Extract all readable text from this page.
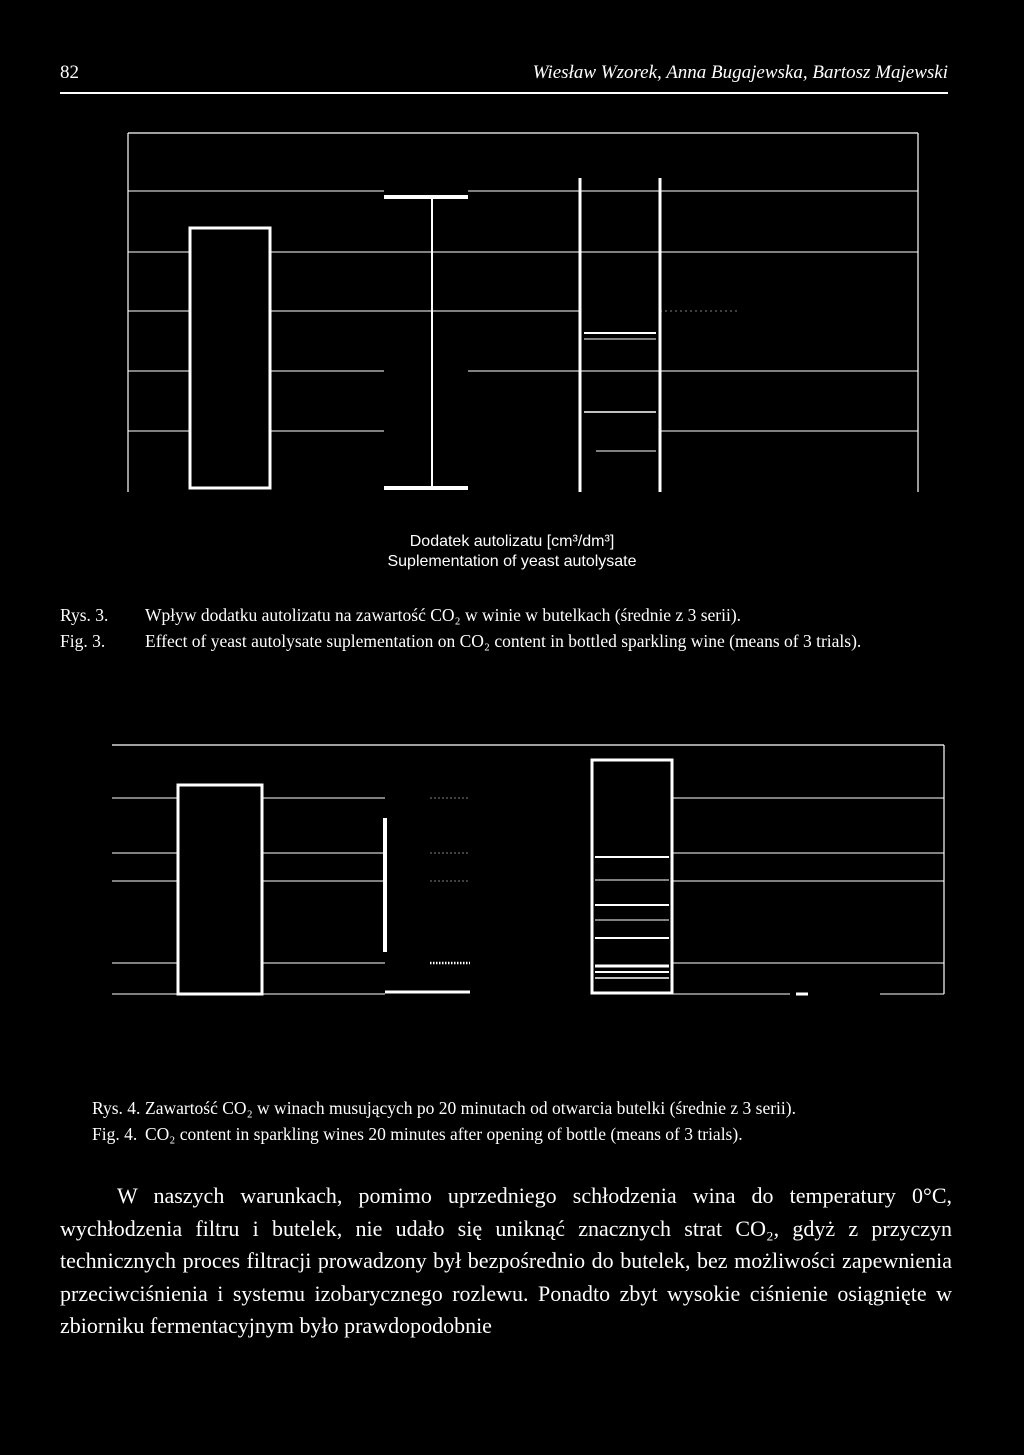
82	Wiesław Wzorek, Anna Bugajewska, Bartosz Majewski
Dodatek autolizatu [cm³/dm³]
Suplementation of yeast autolysate
Rys. 3.	Wpływ dodatku autolizatu na zawartość CO₂ w winie w butelkach (średnie z 3 serii).
Fig. 3.	Effect of yeast autolysate suplementation on CO₂ content in bottled sparkling wine (means of 3 trials).
Rys. 4. Zawartość CO₂ w winach musujących po 20 minutach od otwarcia butelki (średnie z 3 serii).
Fig. 4. CO₂ content in sparkling wines 20 minutes after opening of bottle (means of 3 trials).

W naszych warunkach, pomimo uprzedniego schłodzenia wina do temperatury 0°C, wychłodzenia filtru i butelek, nie udało się uniknąć znacznych strat CO₂, gdyż z przyczyn technicznych proces filtracji prowadzony był bezpośrednio do butelek, bez możliwości zapewnienia przeciwciśnienia i systemu izobarycznego rozlewu. Ponadto zbyt wysokie ciśnienie osiągnięte w zbiorniku fermentacyjnym było prawdopodobnie
